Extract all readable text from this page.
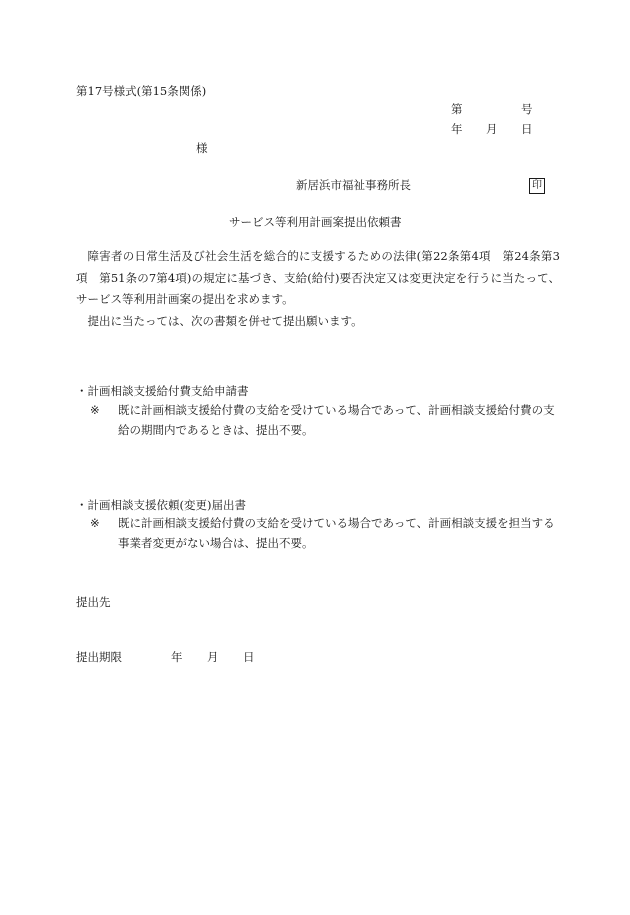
第17号様式(第15条関係)
第	号
年 月 日
様
新居浜市福祉事務所長	印
サービス等利用計画案提出依頼書

障害者の日常生活及び社会生活を総合的に支援するための法律(第22条第4項　第24条第3項　第51条の7第4項)の規定に基づき、支給(給付)要否決定又は変更決定を行うに当たって、サービス等利用計画案の提出を求めます。

提出に当たっては、次の書類を併せて提出願います。

・計画相談支援給付費支給申請書
※ 既に計画相談支援給付費の支給を受けている場合であって、計画相談支援給付費の支給の期間内であるときは、提出不要。
・計画相談支援依頼(変更)届出書
※ 既に計画相談支援給付費の支給を受けている場合であって、計画相談支援を担当する事業者変更がない場合は、提出不要。
提出先
提出期限	年 月 日
